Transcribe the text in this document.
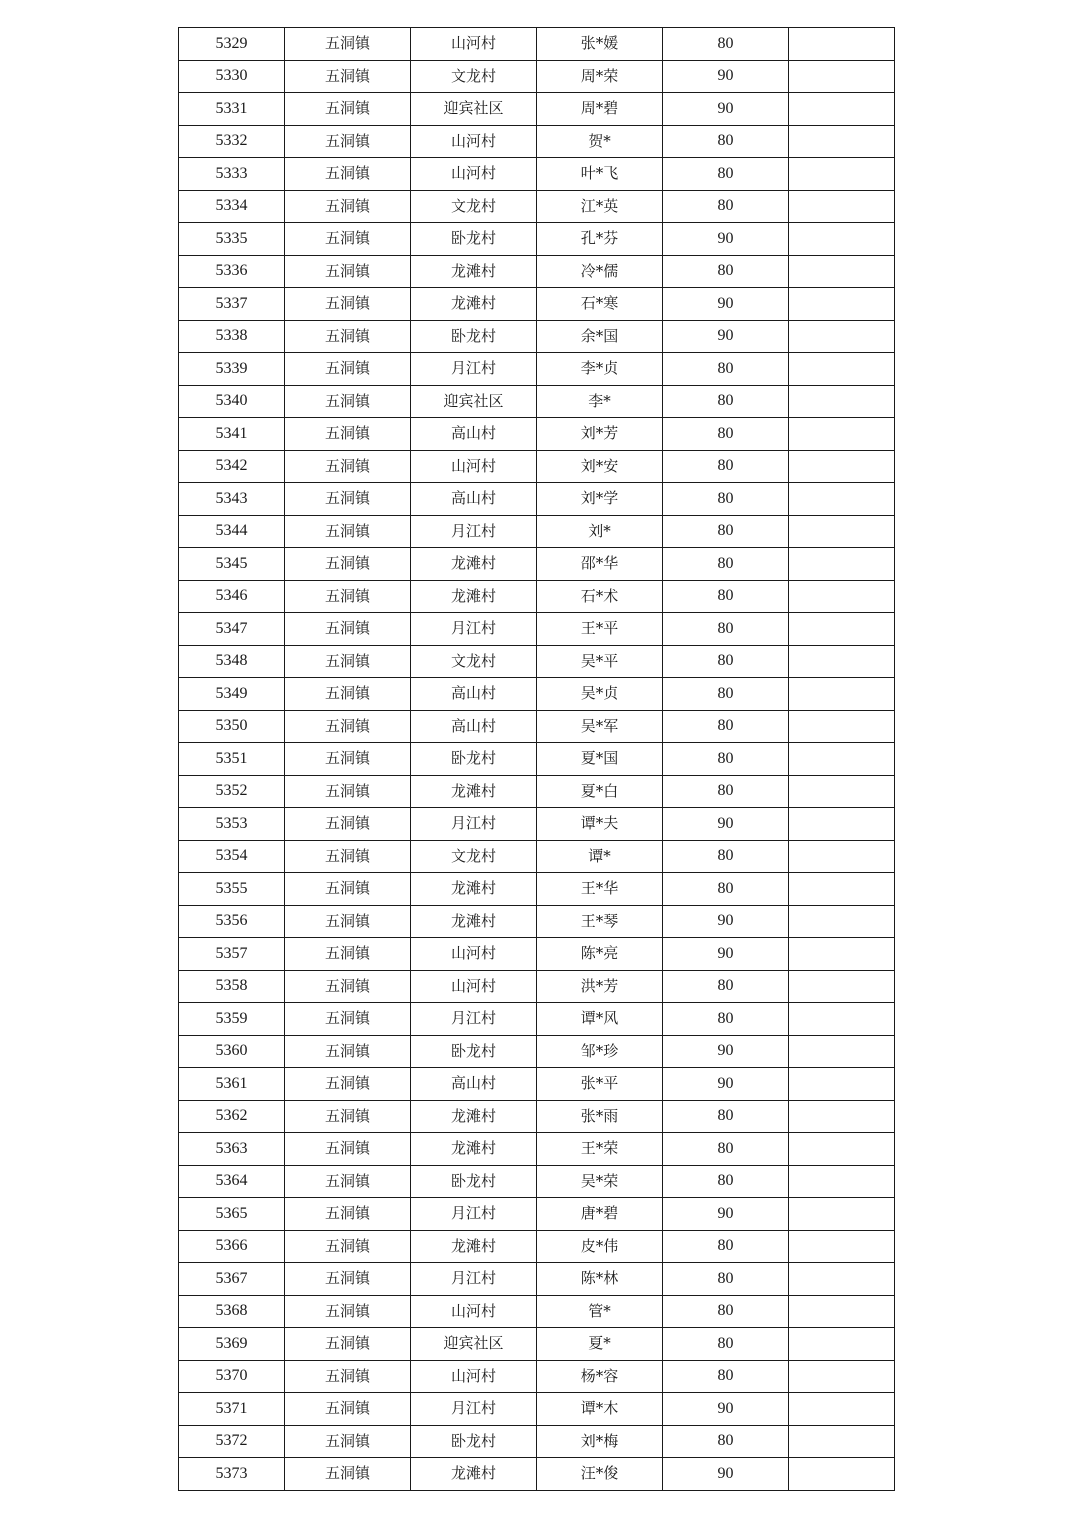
5329	五洞镇	山河村	张*媛	80	
5330	五洞镇	文龙村	周*荣	90	
5331	五洞镇	迎宾社区	周*碧	90	
5332	五洞镇	山河村	贺*	80	
5333	五洞镇	山河村	叶*飞	80	
5334	五洞镇	文龙村	江*英	80	
5335	五洞镇	卧龙村	孔*芬	90	
5336	五洞镇	龙滩村	冷*儒	80	
5337	五洞镇	龙滩村	石*寒	90	
5338	五洞镇	卧龙村	余*国	90	
5339	五洞镇	月江村	李*贞	80	
5340	五洞镇	迎宾社区	李*	80	
5341	五洞镇	高山村	刘*芳	80	
5342	五洞镇	山河村	刘*安	80	
5343	五洞镇	高山村	刘*学	80	
5344	五洞镇	月江村	刘*	80	
5345	五洞镇	龙滩村	邵*华	80	
5346	五洞镇	龙滩村	石*术	80	
5347	五洞镇	月江村	王*平	80	
5348	五洞镇	文龙村	吴*平	80	
5349	五洞镇	高山村	吴*贞	80	
5350	五洞镇	高山村	吴*军	80	
5351	五洞镇	卧龙村	夏*国	80	
5352	五洞镇	龙滩村	夏*白	80	
5353	五洞镇	月江村	谭*夫	90	
5354	五洞镇	文龙村	谭*	80	
5355	五洞镇	龙滩村	王*华	80	
5356	五洞镇	龙滩村	王*琴	90	
5357	五洞镇	山河村	陈*亮	90	
5358	五洞镇	山河村	洪*芳	80	
5359	五洞镇	月江村	谭*风	80	
5360	五洞镇	卧龙村	邹*珍	90	
5361	五洞镇	高山村	张*平	90	
5362	五洞镇	龙滩村	张*雨	80	
5363	五洞镇	龙滩村	王*荣	80	
5364	五洞镇	卧龙村	吴*荣	80	
5365	五洞镇	月江村	唐*碧	90	
5366	五洞镇	龙滩村	皮*伟	80	
5367	五洞镇	月江村	陈*林	80	
5368	五洞镇	山河村	管*	80	
5369	五洞镇	迎宾社区	夏*	80	
5370	五洞镇	山河村	杨*容	80	
5371	五洞镇	月江村	谭*木	90	
5372	五洞镇	卧龙村	刘*梅	80	
5373	五洞镇	龙滩村	汪*俊	90	
